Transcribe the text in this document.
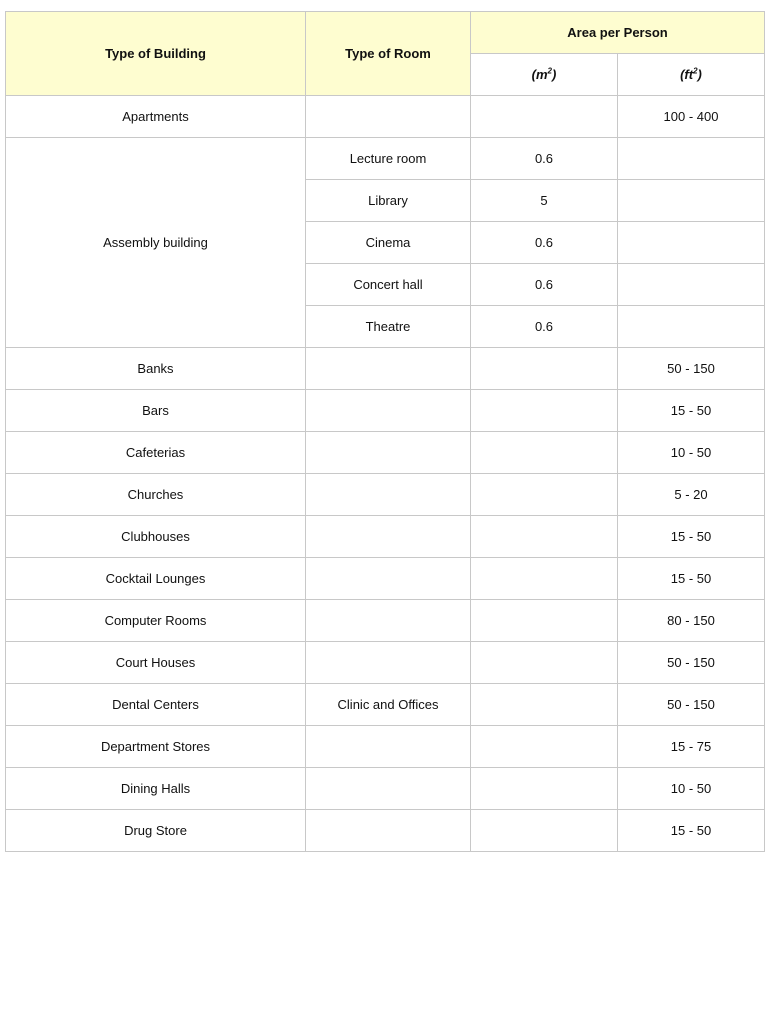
Type of Building	Type of Room	Area per Person	
		$(m^2)$	$(ft^2)$
Apartments			100 - 400
Assembly building	Lecture room	0.6	
	Library	5	
	Cinema	0.6	
	Concert hall	0.6	
	Theatre	0.6	
Banks			50 - 150
Bars			15 - 50
Cafeterias			10 - 50
Churches			5 - 20
Clubhouses			15 - 50
Cocktail Lounges			15 - 50
Computer Rooms			80 - 150
Court Houses			50 - 150
Dental Centers	Clinic and Offices		50 - 150
Department Stores			15 - 75
Dining Halls			10 - 50
Drug Store			15 - 50
